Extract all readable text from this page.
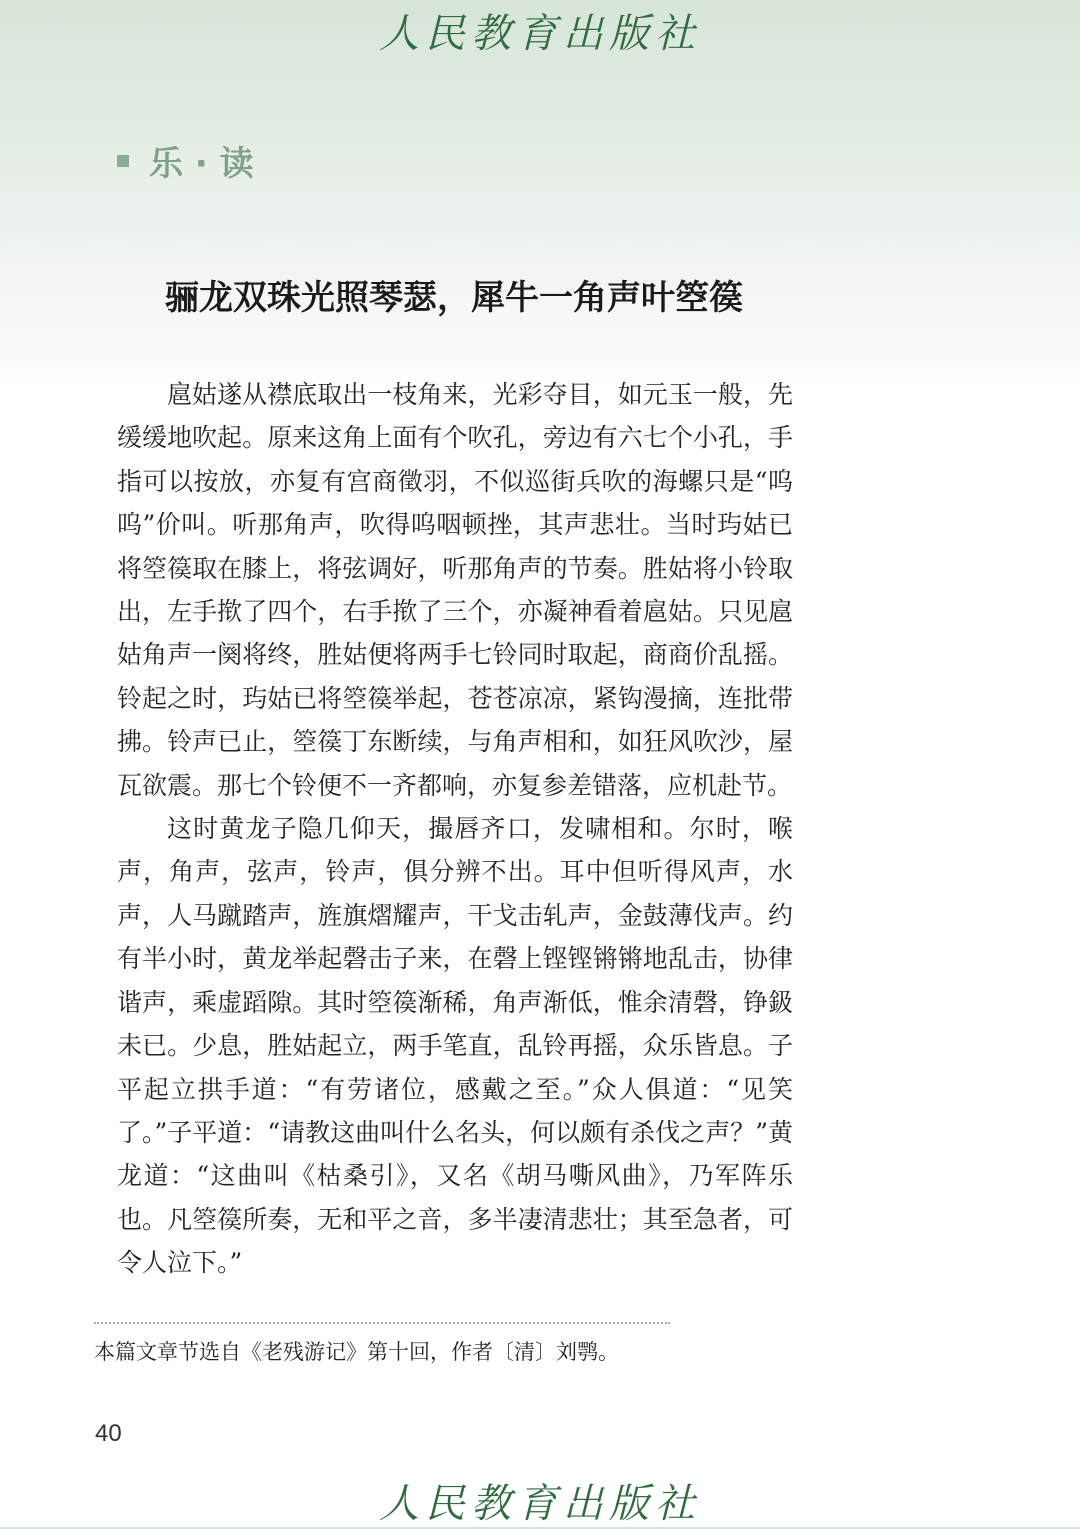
人民教育出版社
乐 · 读
骊龙双珠光照琴瑟，犀牛一角声叶箜篌

扈姑遂从襟底取出一枝角来，光彩夺目，如元玉一般，先缓缓地吹起。原来这角上面有个吹孔，旁边有六七个小孔，手指可以按放，亦复有宫商徵羽，不似巡街兵吹的海螺只是“呜呜”价叫。听那角声，吹得呜咽顿挫，其声悲壮。当时玙姑已将箜篌取在膝上，将弦调好，听那角声的节奏。胜姑将小铃取出，左手揿了四个，右手揿了三个，亦凝神看着扈姑。只见扈姑角声一阕将终，胜姑便将两手七铃同时取起，商商价乱摇。铃起之时，玙姑已将箜篌举起，苍苍凉凉，紧钩漫摘，连批带拂。铃声已止，箜篌丁东断续，与角声相和，如狂风吹沙，屋瓦欲震。那七个铃便不一齐都响，亦复参差错落，应机赴节。

这时黄龙子隐几仰天，撮唇齐口，发啸相和。尔时，喉声，角声，弦声，铃声，俱分辨不出。耳中但听得风声，水声，人马蹴踏声，旌旗熠耀声，干戈击轧声，金鼓薄伐声。约有半小时，黄龙举起磬击子来，在磬上铿铿锵锵地乱击，协律谐声，乘虚蹈隙。其时箜篌渐稀，角声渐低，惟余清磬，铮鈒未已。少息，胜姑起立，两手笔直，乱铃再摇，众乐皆息。子平起立拱手道：“有劳诸位，感戴之至。”众人俱道：“见笑了。”子平道：“请教这曲叫什么名头，何以颇有杀伐之声？”黄龙道：“这曲叫《枯桑引》，又名《胡马嘶风曲》，乃军阵乐也。凡箜篌所奏，无和平之音，多半凄清悲壮；其至急者，可令人泣下。”

本篇文章节选自《老残游记》第十回，作者〔清〕刘鹗。

40
人民教育出版社
